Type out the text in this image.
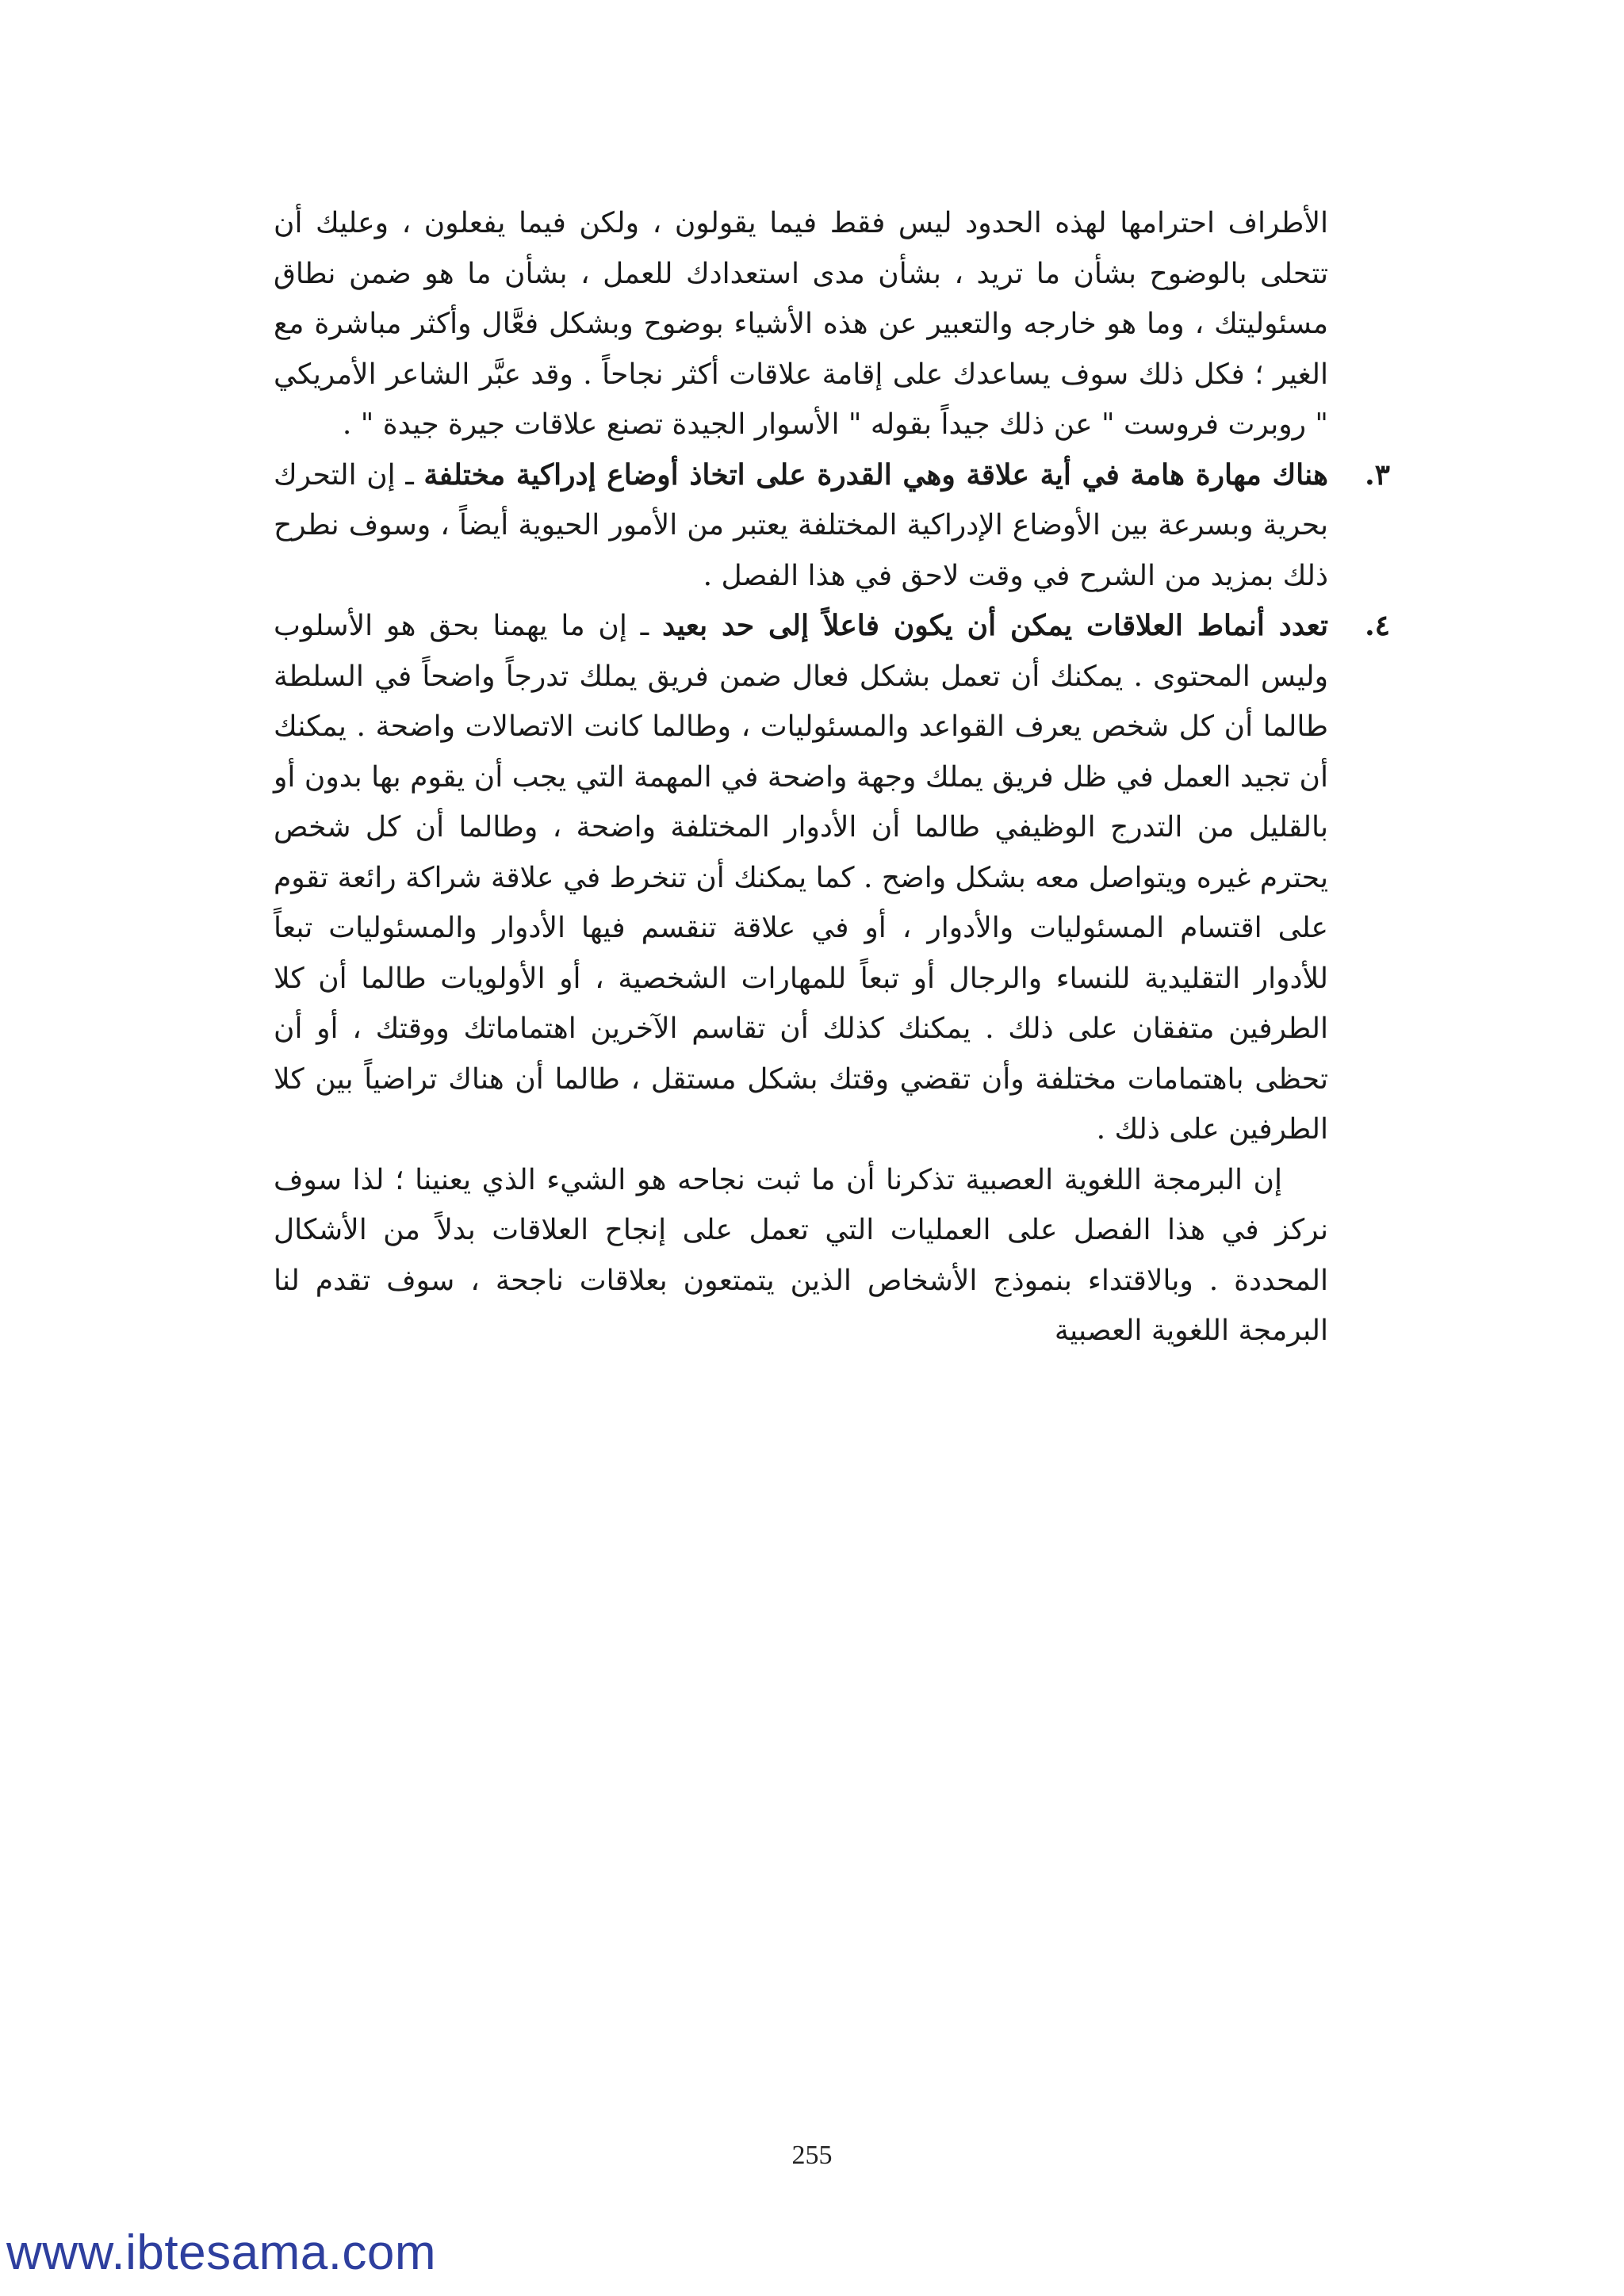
الأطراف احترامها لهذه الحدود ليس فقط فيما يقولون ، ولكن فيما يفعلون ، وعليك أن تتحلى بالوضوح بشأن ما تريد ، بشأن مدى استعدادك للعمل ، بشأن ما هو ضمن نطاق مسئوليتك ، وما هو خارجه والتعبير عن هذه الأشياء بوضوح وبشكل فعَّال وأكثر مباشرة مع الغير ؛ فكل ذلك سوف يساعدك على إقامة علاقات أكثر نجاحاً . وقد عبَّر الشاعر الأمريكي " روبرت فروست " عن ذلك جيداً بقوله " الأسوار الجيدة تصنع علاقات جيرة جيدة " .

٣.
هناك مهارة هامة في أية علاقة وهي القدرة على اتخاذ أوضاع إدراكية مختلفة ـ إن التحرك بحرية وبسرعة بين الأوضاع الإدراكية المختلفة يعتبر من الأمور الحيوية أيضاً ، وسوف نطرح ذلك بمزيد من الشرح في وقت لاحق في هذا الفصل .

٤.
تعدد أنماط العلاقات يمكن أن يكون فاعلاً إلى حد بعيد ـ إن ما يهمنا بحق هو الأسلوب وليس المحتوى . يمكنك أن تعمل بشكل فعال ضمن فريق يملك تدرجاً واضحاً في السلطة طالما أن كل شخص يعرف القواعد والمسئوليات ، وطالما كانت الاتصالات واضحة . يمكنك أن تجيد العمل في ظل فريق يملك وجهة واضحة في المهمة التي يجب أن يقوم بها بدون أو بالقليل من التدرج الوظيفي طالما أن الأدوار المختلفة واضحة ، وطالما أن كل شخص يحترم غيره ويتواصل معه بشكل واضح . كما يمكنك أن تنخرط في علاقة شراكة رائعة تقوم على اقتسام المسئوليات والأدوار ، أو في علاقة تنقسم فيها الأدوار والمسئوليات تبعاً للأدوار التقليدية للنساء والرجال أو تبعاً للمهارات الشخصية ، أو الأولويات طالما أن كلا الطرفين متفقان على ذلك . يمكنك كذلك أن تقاسم الآخرين اهتماماتك ووقتك ، أو أن تحظى باهتمامات مختلفة وأن تقضي وقتك بشكل مستقل ، طالما أن هناك تراضياً بين كلا الطرفين على ذلك .

إن البرمجة اللغوية العصبية تذكرنا أن ما ثبت نجاحه هو الشيء الذي يعنينا ؛ لذا سوف نركز في هذا الفصل على العمليات التي تعمل على إنجاح العلاقات بدلاً من الأشكال المحددة . وبالاقتداء بنموذج الأشخاص الذين يتمتعون بعلاقات ناجحة ، سوف تقدم لنا البرمجة اللغوية العصبية

255
www.ibtesama.com
